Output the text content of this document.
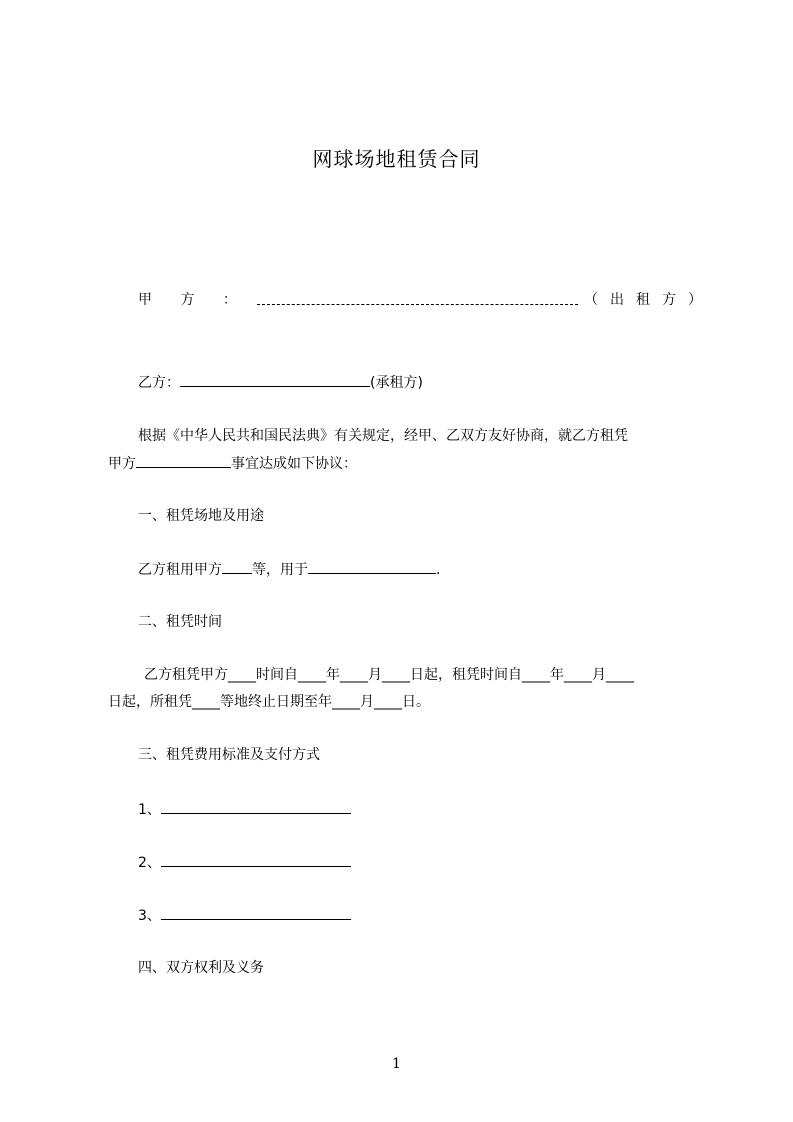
网球场地租赁合同
甲 方 ：	（出租方）
乙方：	(承租方)
根据《中华人民共和国民法典》有关规定，经甲、乙双方友好协商，就乙方租凭
甲方	事宜达成如下协议：
一、租凭场地及用途
乙方租用甲方 等，用于	.
二、租凭时间
乙方租凭甲方____时间自____年____月____日起，租凭时间自____年____月____
日起，所租凭____等地终止日期至年____月____日。
三、租凭费用标准及支付方式
1、
2、
3、
四、双方权利及义务
1
